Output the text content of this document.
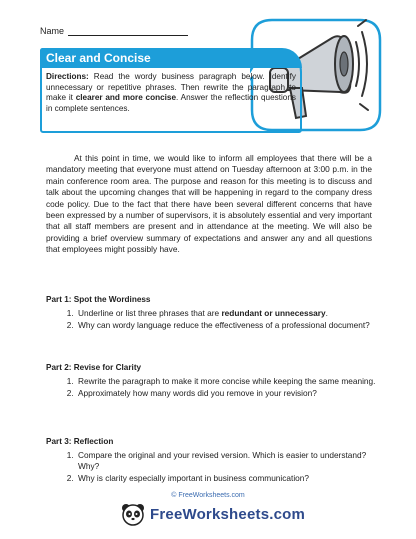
Name
Clear and Concise
Directions: Read the wordy business paragraph below. Identify unnecessary or repetitive phrases. Then rewrite the paragraph to make it clearer and more concise. Answer the reflection questions in complete sentences.

At this point in time, we would like to inform all employees that there will be a mandatory meeting that everyone must attend on Tuesday afternoon at 3:00 p.m. in the main conference room area. The purpose and reason for this meeting is to discuss and talk about the upcoming changes that will be happening in regard to the company dress code policy. Due to the fact that there have been several different concerns that have been expressed by a number of supervisors, it is absolutely essential and very important that all staff members are present and in attendance at the meeting. We will also be providing a brief overview summary of expectations and answer any and all questions that employees might possibly have.

Part 1: Spot the Wordiness
1. Underline or list three phrases that are redundant or unnecessary.
2. Why can wordy language reduce the effectiveness of a professional document?
Part 2: Revise for Clarity
1. Rewrite the paragraph to make it more concise while keeping the same meaning.
2. Approximately how many words did you remove in your revision?
Part 3: Reflection
1. Compare the original and your revised version. Which is easier to understand? Why?
2. Why is clarity especially important in business communication?
© FreeWorksheets.com
FreeWorksheets.com
